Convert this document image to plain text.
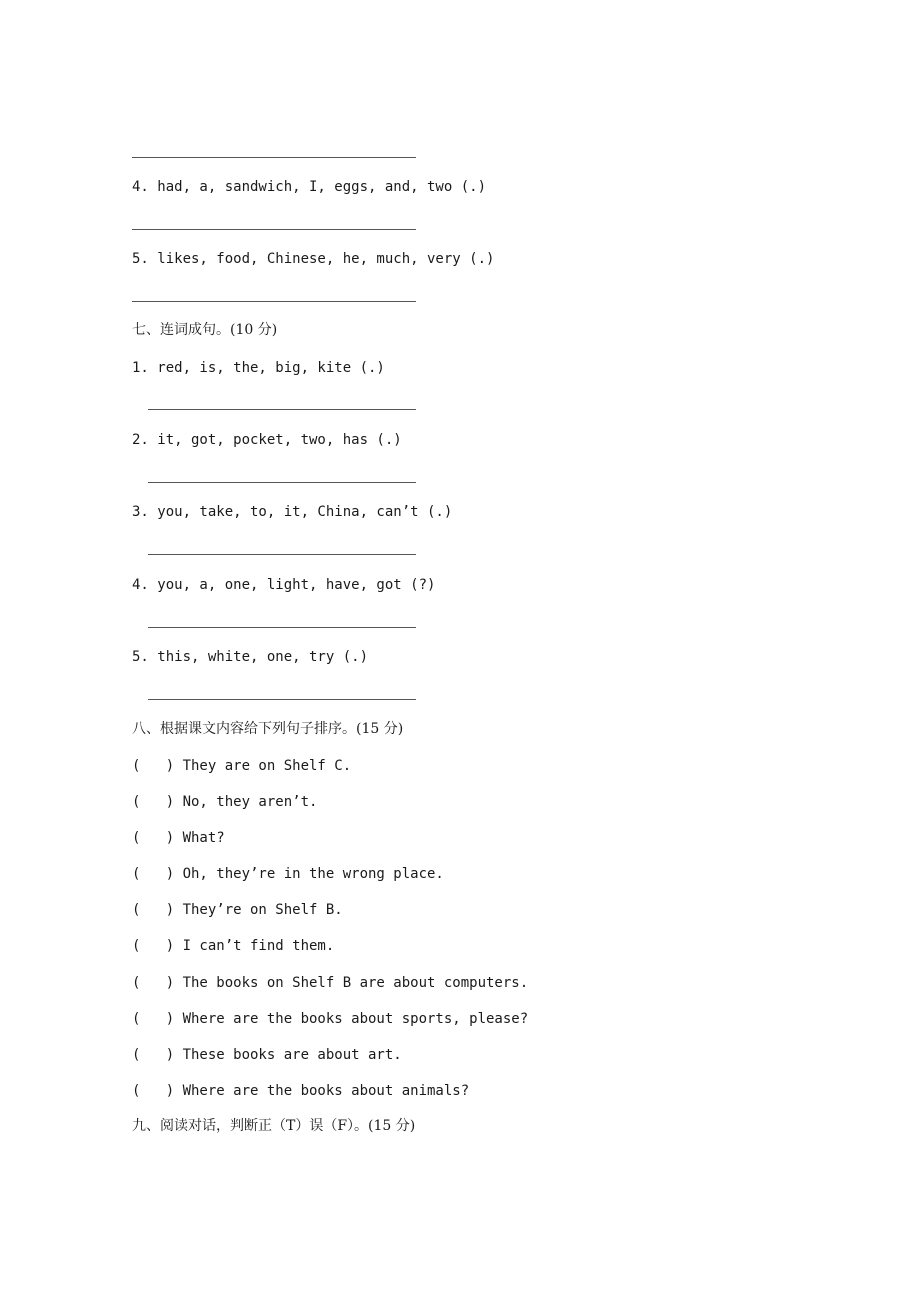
4. had, a, sandwich, I, eggs, and, two (.)
5. likes, food, Chinese, he, much, very (.)
七、连词成句。(10 分)
1. red, is, the, big, kite (.)
2. it, got, pocket, two, has (.)
3. you, take, to, it, China, can’t (.)
4. you, a, one, light, have, got (?)
5. this, white, one, try (.)
八、根据课文内容给下列句子排序。(15 分)
(   ) They are on Shelf C.
(   ) No, they aren’t.
(   ) What?
(   ) Oh, they’re in the wrong place.
(   ) They’re on Shelf B.
(   ) I can’t find them.
(   ) The books on Shelf B are about computers.
(   ) Where are the books about sports, please?
(   ) These books are about art.
(   ) Where are the books about animals?
九、阅读对话，判断正（T）误（F）。(15 分)
